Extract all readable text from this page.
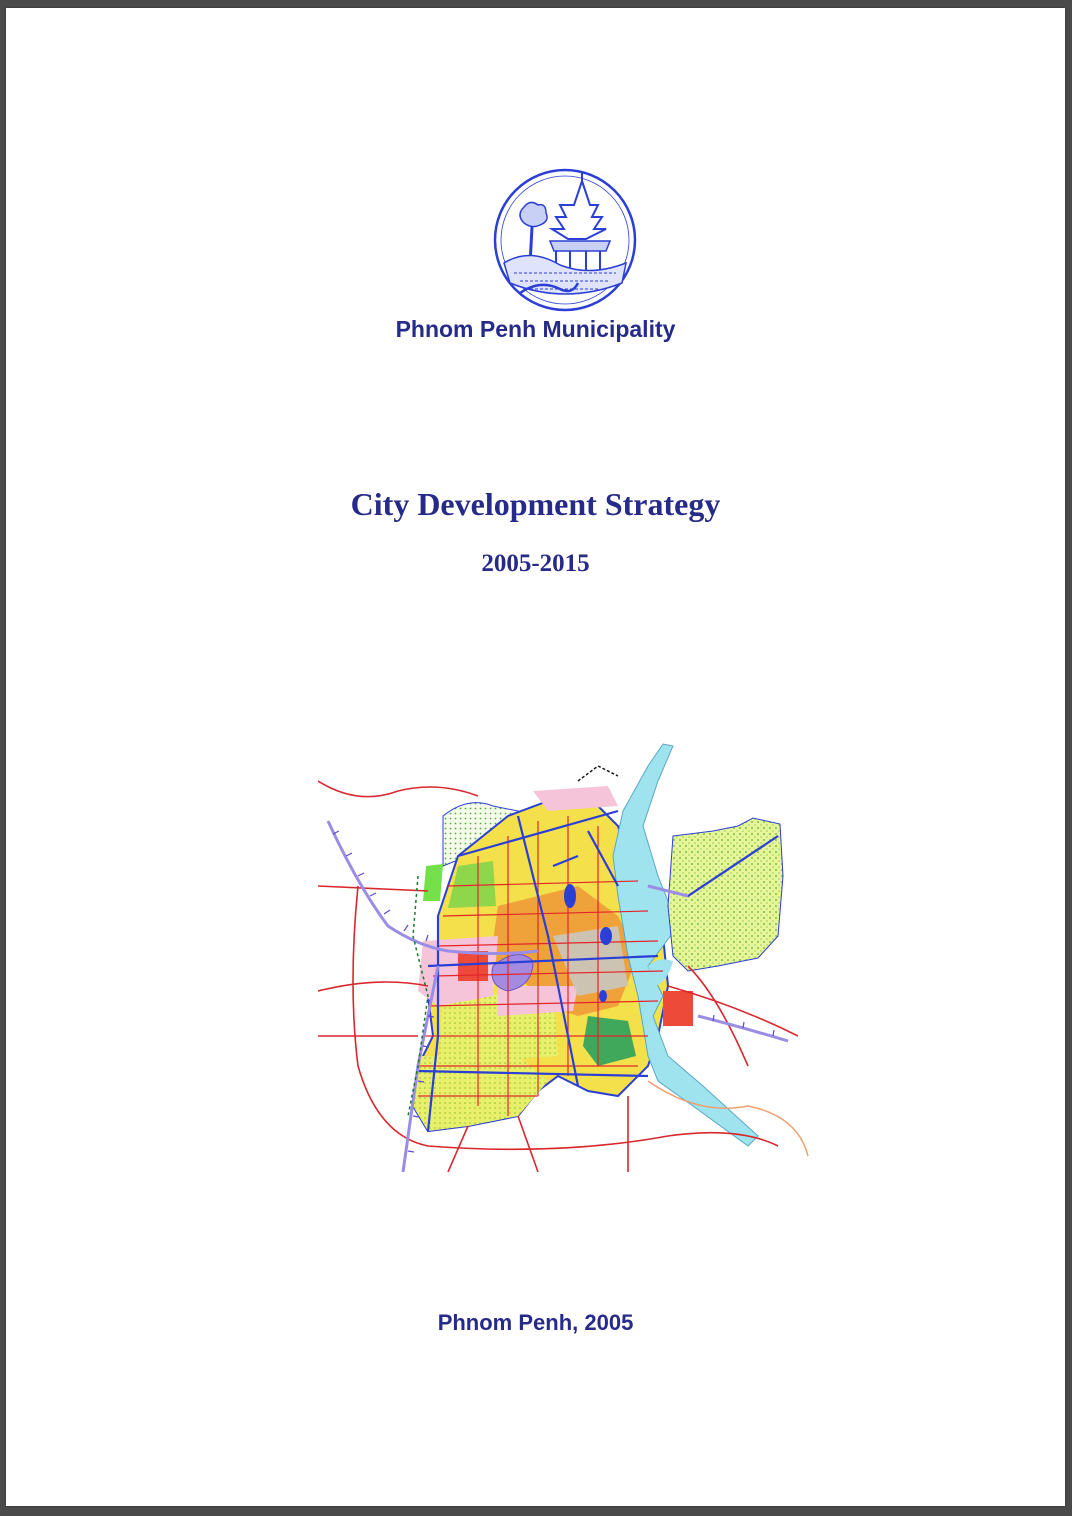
Phnom Penh Municipality
City Development Strategy
2005-2015
Phnom Penh, 2005
